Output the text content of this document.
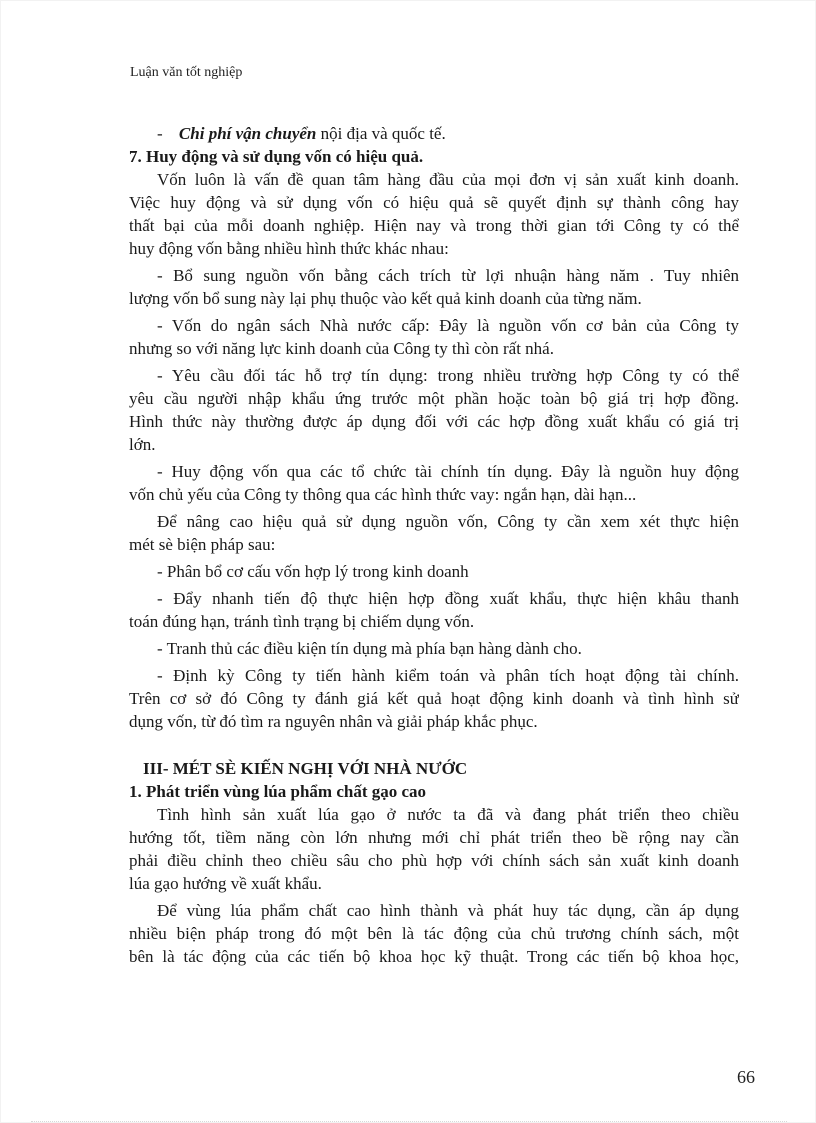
Luận văn tốt nghiệp
- Chi phí vận chuyển nội địa và quốc tế.
7. Huy động và sử dụng vốn có hiệu quả.
Vốn luôn là vấn đề quan tâm hàng đầu của mọi đơn vị sản xuất kinh doanh.
Việc huy động và sử dụng vốn có hiệu quả sẽ quyết định sự thành công hay
thất bại của mỗi doanh nghiệp. Hiện nay và trong thời gian tới Công ty có thể
huy động vốn bằng nhiều hình thức khác nhau:
- Bổ sung nguồn vốn bằng cách trích từ lợi nhuận hàng năm . Tuy nhiên
lượng vốn bổ sung này lại phụ thuộc vào kết quả kinh doanh của từng năm.
- Vốn do ngân sách Nhà nước cấp: Đây là nguồn vốn cơ bản của Công ty
nhưng so với năng lực kinh doanh của Công ty thì còn rất nhá.
- Yêu cầu đối tác hỗ trợ tín dụng: trong nhiều trường hợp Công ty có thể
yêu cầu người nhập khẩu ứng trước một phần hoặc toàn bộ giá trị hợp đồng.
Hình thức này thường được áp dụng đối với các hợp đồng xuất khẩu có giá trị
lớn.
- Huy động vốn qua các tổ chức tài chính tín dụng. Đây là nguồn huy động
vốn chủ yếu của Công ty thông qua các hình thức vay: ngắn hạn, dài hạn...
Để nâng cao hiệu quả sử dụng nguồn vốn, Công ty cần xem xét thực hiện
mét sè biện pháp sau:
- Phân bổ cơ cấu vốn hợp lý trong kinh doanh
- Đẩy nhanh tiến độ thực hiện hợp đồng xuất khẩu, thực hiện khâu thanh
toán đúng hạn, tránh tình trạng bị chiếm dụng vốn.
- Tranh thủ các điều kiện tín dụng mà phía bạn hàng dành cho.
- Định kỳ Công ty tiến hành kiểm toán và phân tích hoạt động tài chính.
Trên cơ sở đó Công ty đánh giá kết quả hoạt động kinh doanh và tình hình sử
dụng vốn, từ đó tìm ra nguyên nhân và giải pháp khắc phục.
III- MÉT SÈ KIẾN NGHỊ VỚI NHÀ NƯỚC
1. Phát triển vùng lúa phẩm chất gạo cao
Tình hình sản xuất lúa gạo ở nước ta đã và đang phát triển theo chiều
hướng tốt, tiềm năng còn lớn nhưng mới chỉ phát triển theo bề rộng nay cần
phải điều chỉnh theo chiều sâu cho phù hợp với chính sách sản xuất kinh doanh
lúa gạo hướng về xuất khẩu.
Để vùng lúa phẩm chất cao hình thành và phát huy tác dụng, cần áp dụng
nhiều biện pháp trong đó một bên là tác động của chủ trương chính sách, một
bên là tác động của các tiến bộ khoa học kỹ thuật. Trong các tiến bộ khoa học,
66
